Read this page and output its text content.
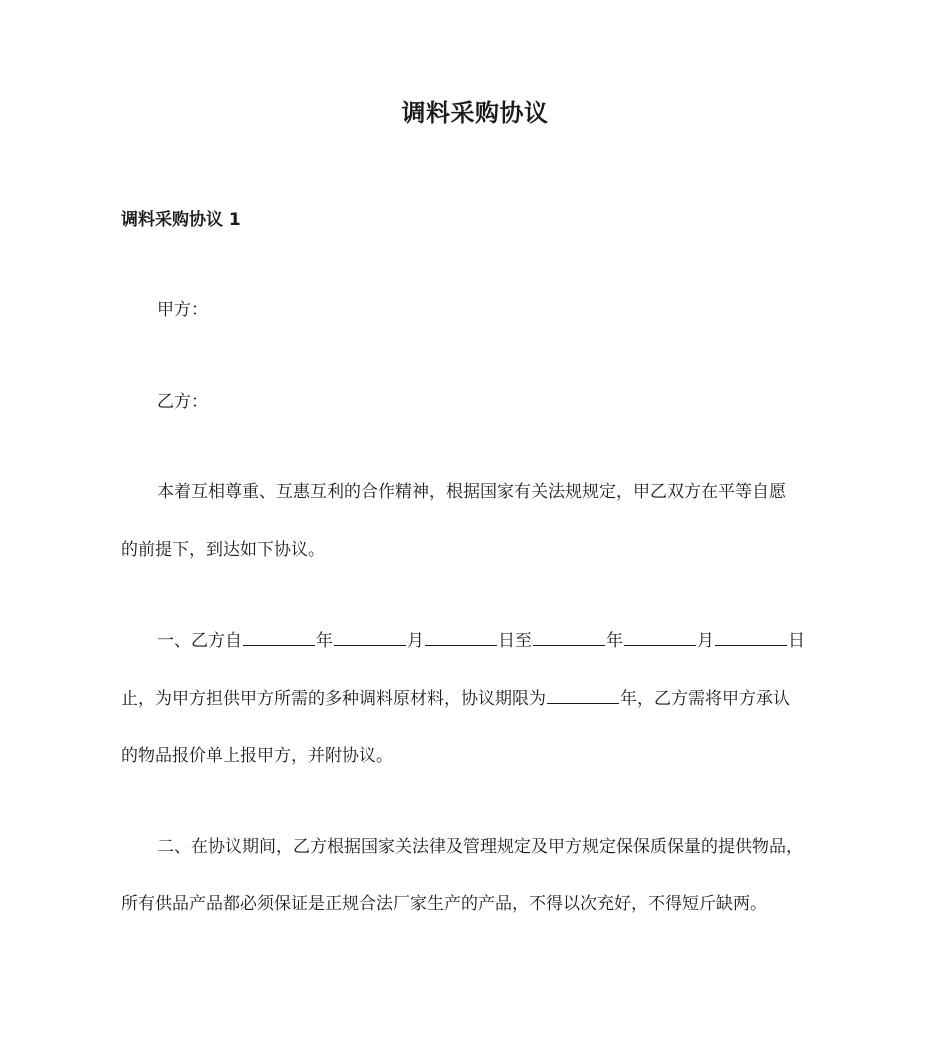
调料采购协议
调料采购协议 1
甲方：
乙方：
本着互相尊重、互惠互利的合作精神，根据国家有关法规规定，甲乙双方在平等自愿
的前提下，到达如下协议。
一、乙方自	年	月	日至	年	月	日
止，为甲方担供甲方所需的多种调料原材料，协议期限为	年，乙方需将甲方承认
的物品报价单上报甲方，并附协议。
二、在协议期间，乙方根据国家关法律及管理规定及甲方规定保保质保量的提供物品，
所有供品产品都必须保证是正规合法厂家生产的产品，不得以次充好，不得短斤缺两。
